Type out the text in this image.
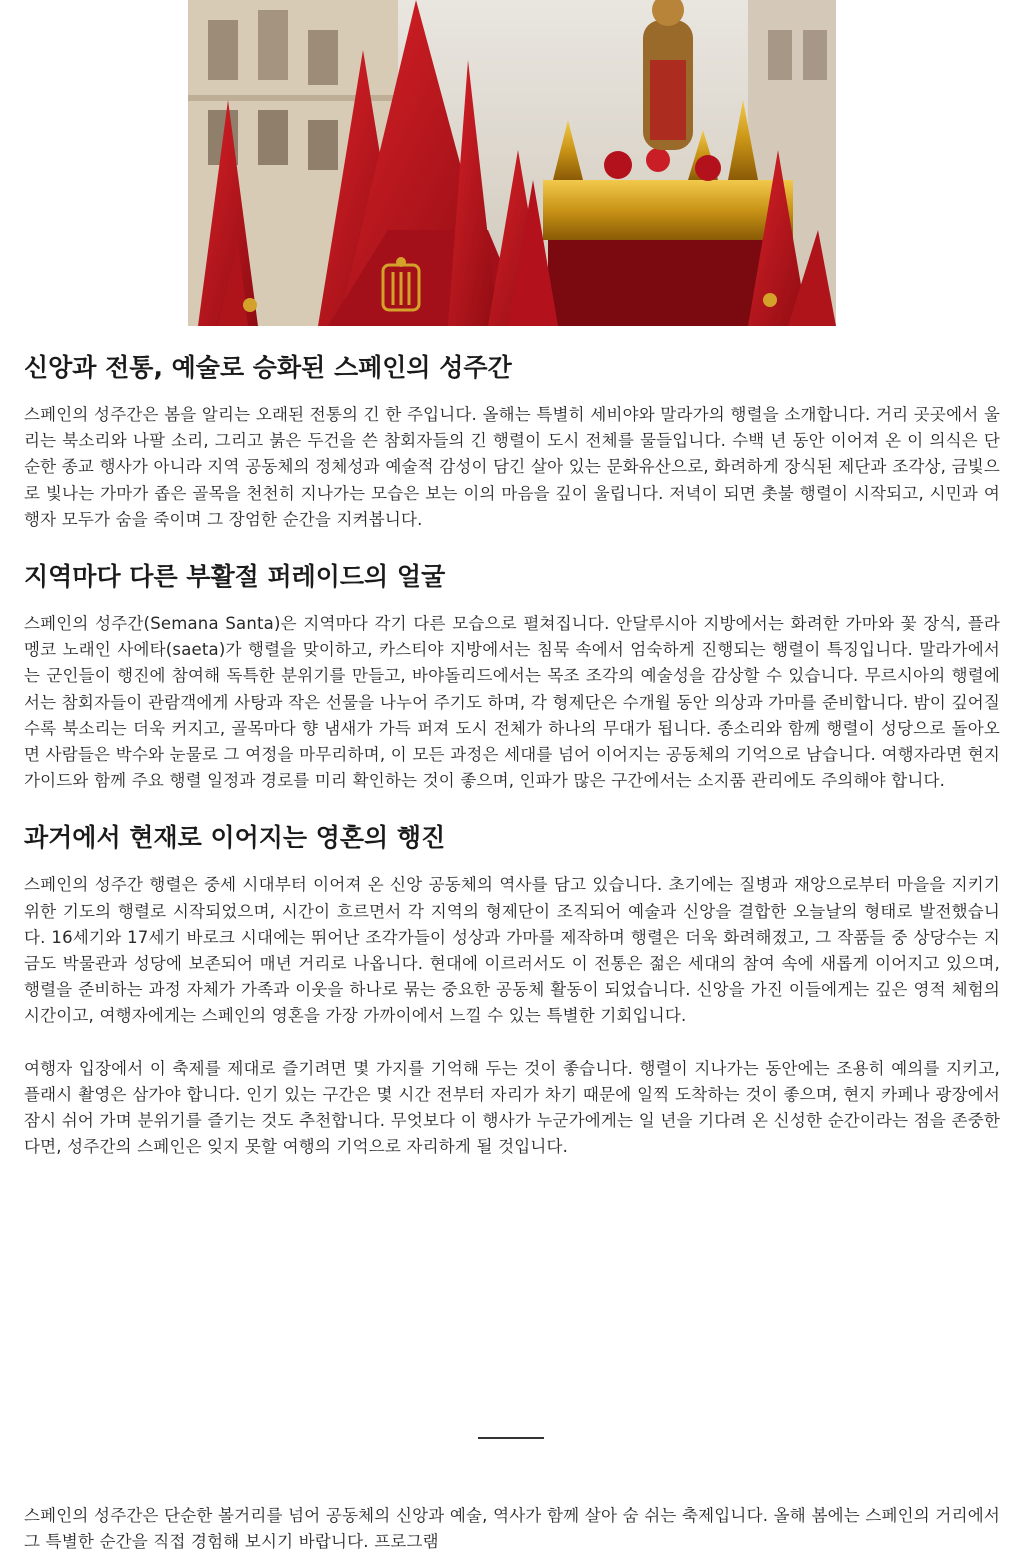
신앙과 전통, 예술로 승화된 스페인의 성주간

스페인의 성주간은 봄을 알리는 오래된 전통의 긴 한 주입니다. 올해는 특별히 세비야와 말라가의 행렬을 소개합니다. 거리 곳곳에서 울리는 북소리와 나팔 소리, 그리고 붉은 두건을 쓴 참회자들의 긴 행렬이 도시 전체를 물들입니다. 수백 년 동안 이어져 온 이 의식은 단순한 종교 행사가 아니라 지역 공동체의 정체성과 예술적 감성이 담긴 살아 있는 문화유산으로, 화려하게 장식된 제단과 조각상, 금빛으로 빛나는 가마가 좁은 골목을 천천히 지나가는 모습은 보는 이의 마음을 깊이 울립니다. 저녁이 되면 촛불 행렬이 시작되고, 시민과 여행자 모두가 숨을 죽이며 그 장엄한 순간을 지켜봅니다.

지역마다 다른 부활절 퍼레이드의 얼굴

스페인의 성주간(Semana Santa)은 지역마다 각기 다른 모습으로 펼쳐집니다. 안달루시아 지방에서는 화려한 가마와 꽃 장식, 플라멩코 노래인 사에타(saeta)가 행렬을 맞이하고, 카스티야 지방에서는 침묵 속에서 엄숙하게 진행되는 행렬이 특징입니다. 말라가에서는 군인들이 행진에 참여해 독특한 분위기를 만들고, 바야돌리드에서는 목조 조각의 예술성을 감상할 수 있습니다. 무르시아의 행렬에서는 참회자들이 관람객에게 사탕과 작은 선물을 나누어 주기도 하며, 각 형제단은 수개월 동안 의상과 가마를 준비합니다. 밤이 깊어질수록 북소리는 더욱 커지고, 골목마다 향 냄새가 가득 퍼져 도시 전체가 하나의 무대가 됩니다. 종소리와 함께 행렬이 성당으로 돌아오면 사람들은 박수와 눈물로 그 여정을 마무리하며, 이 모든 과정은 세대를 넘어 이어지는 공동체의 기억으로 남습니다. 여행자라면 현지 가이드와 함께 주요 행렬 일정과 경로를 미리 확인하는 것이 좋으며, 인파가 많은 구간에서는 소지품 관리에도 주의해야 합니다.

과거에서 현재로 이어지는 영혼의 행진

스페인의 성주간 행렬은 중세 시대부터 이어져 온 신앙 공동체의 역사를 담고 있습니다. 초기에는 질병과 재앙으로부터 마을을 지키기 위한 기도의 행렬로 시작되었으며, 시간이 흐르면서 각 지역의 형제단이 조직되어 예술과 신앙을 결합한 오늘날의 형태로 발전했습니다. 16세기와 17세기 바로크 시대에는 뛰어난 조각가들이 성상과 가마를 제작하며 행렬은 더욱 화려해졌고, 그 작품들 중 상당수는 지금도 박물관과 성당에 보존되어 매년 거리로 나옵니다. 현대에 이르러서도 이 전통은 젊은 세대의 참여 속에 새롭게 이어지고 있으며, 행렬을 준비하는 과정 자체가 가족과 이웃을 하나로 묶는 중요한 공동체 활동이 되었습니다. 신앙을 가진 이들에게는 깊은 영적 체험의 시간이고, 여행자에게는 스페인의 영혼을 가장 가까이에서 느낄 수 있는 특별한 기회입니다.

여행자 입장에서 이 축제를 제대로 즐기려면 몇 가지를 기억해 두는 것이 좋습니다. 행렬이 지나가는 동안에는 조용히 예의를 지키고, 플래시 촬영은 삼가야 합니다. 인기 있는 구간은 몇 시간 전부터 자리가 차기 때문에 일찍 도착하는 것이 좋으며, 현지 카페나 광장에서 잠시 쉬어 가며 분위기를 즐기는 것도 추천합니다. 무엇보다 이 행사가 누군가에게는 일 년을 기다려 온 신성한 순간이라는 점을 존중한다면, 성주간의 스페인은 잊지 못할 여행의 기억으로 자리하게 될 것입니다.

스페인의 성주간은 단순한 볼거리를 넘어 공동체의 신앙과 예술, 역사가 함께 살아 숨 쉬는 축제입니다. 올해 봄에는 스페인의 거리에서 그 특별한 순간을 직접 경험해 보시기 바랍니다. 프로그램
